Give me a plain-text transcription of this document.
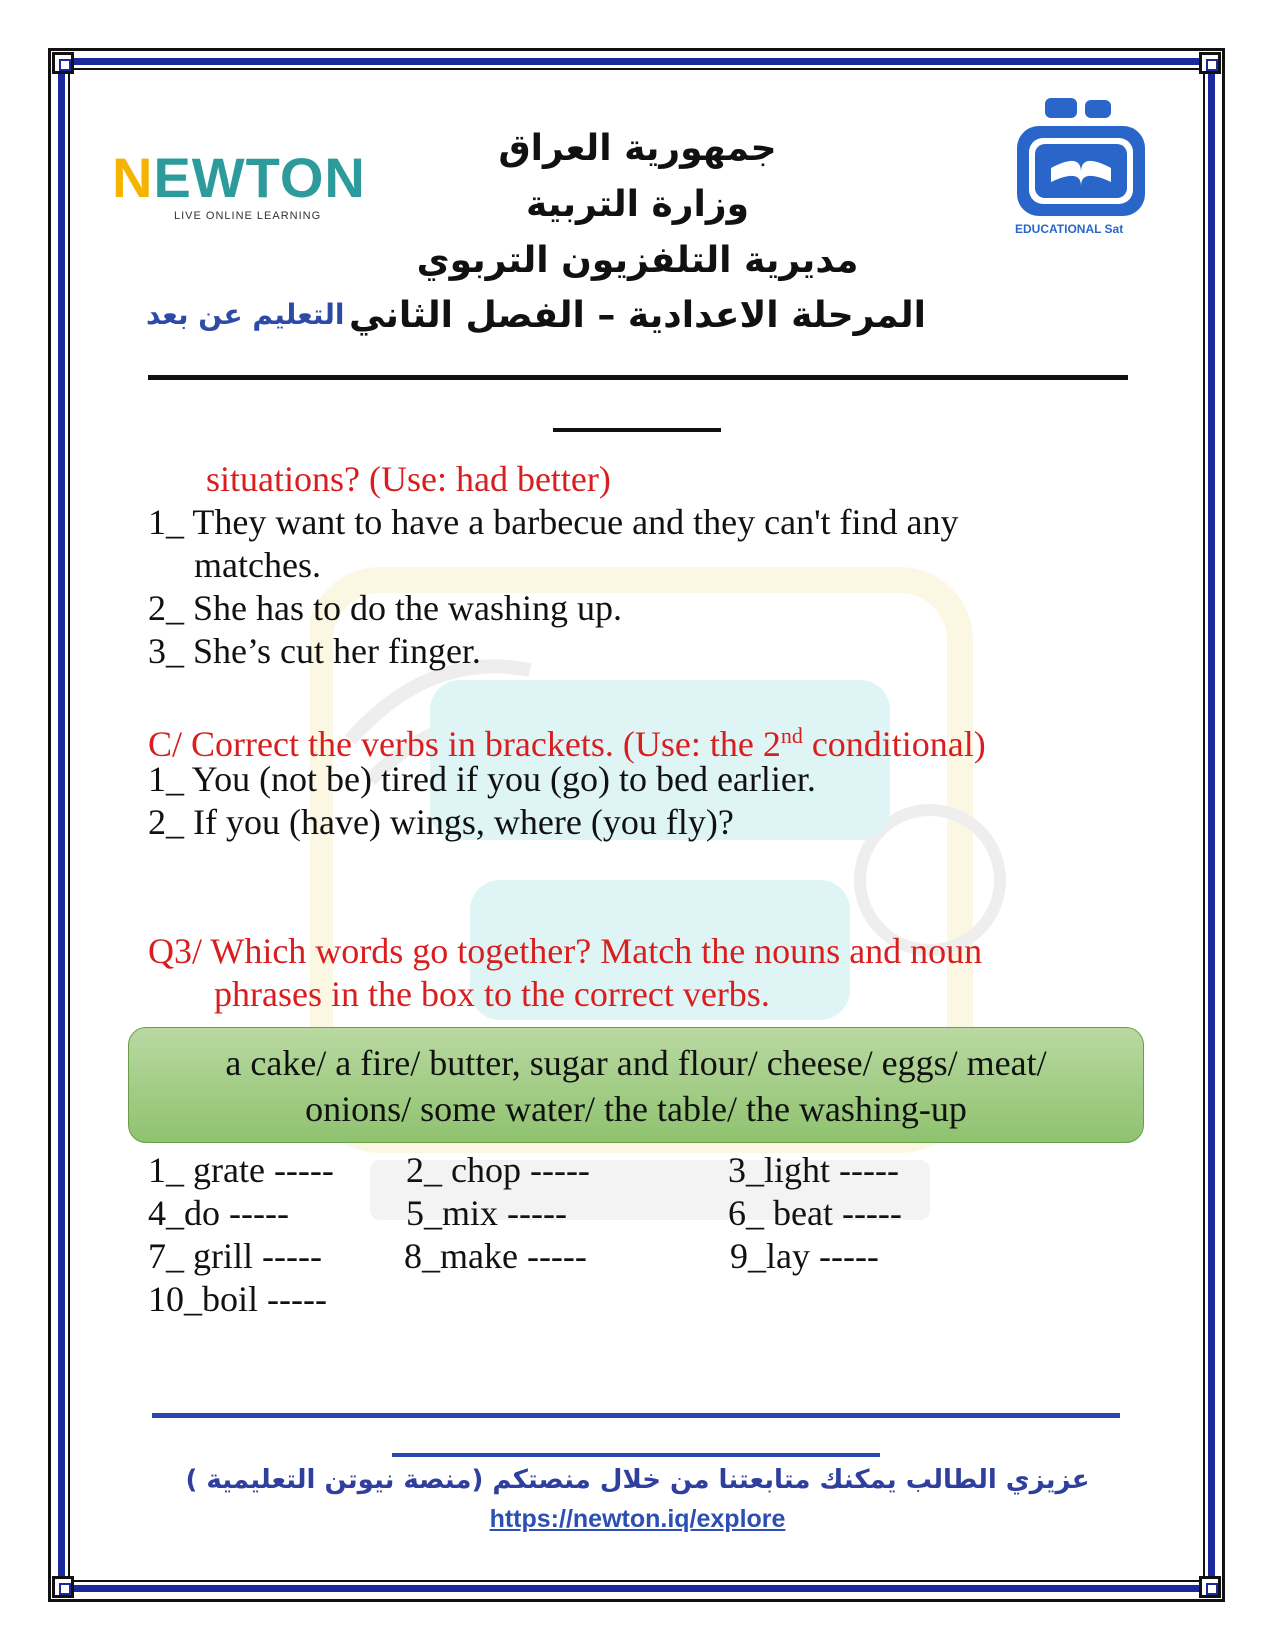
NEWTON
LIVE ONLINE LEARNING
EDUCATIONAL Sat
جمهورية العراق
وزارة التربية
مديرية التلفزيون التربوي
المرحلة الاعدادية – الفصل الثاني
التعليم عن بعد
situations? (Use: had better)
1_ They want to have a barbecue and they can't find any
matches.
2_ She has to do the washing up.
3_ She’s cut her finger.
C/ Correct the verbs in brackets. (Use: the 2nd conditional)
1_ You (not be) tired if you (go) to bed earlier.
2_ If you (have) wings, where (you fly)?
Q3/ Which words go together? Match the nouns and noun
phrases in the box to the correct verbs.
a cake/ a fire/ butter, sugar and flour/ cheese/ eggs/ meat/
onions/ some water/ the table/ the washing-up
1_ grate ----- 2_ chop -----	3_light -----
4_do -----	5_mix -----	6_ beat -----
7_ grill ----- 8_make -----	9_lay -----
10_boil -----
عزيزي الطالب يمكنك متابعتنا من خلال منصتكم (منصة نيوتن التعليمية )
https://newton.iq/explore
